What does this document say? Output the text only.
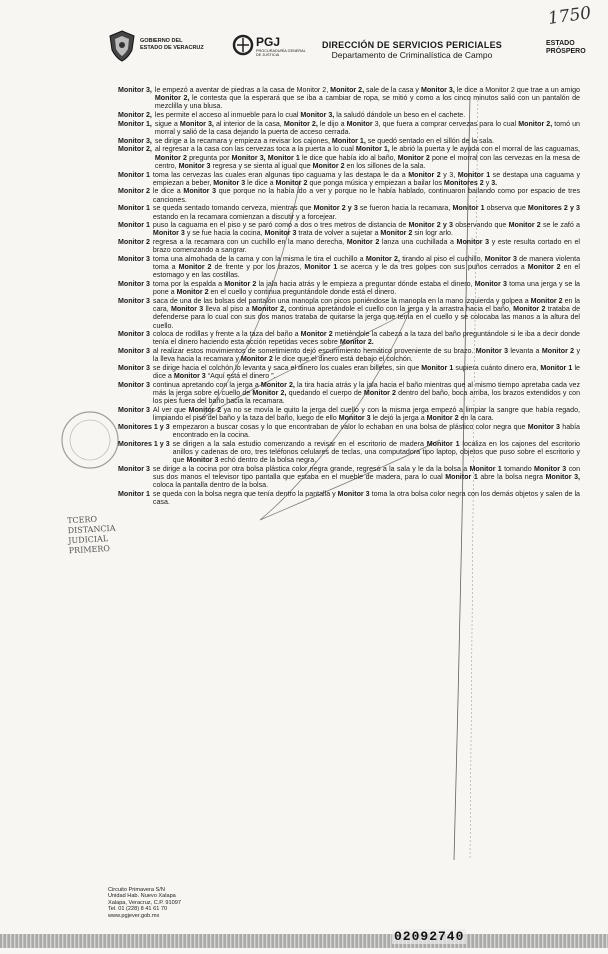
GOBIERNO DEL
ESTADO DE VERACRUZ	PGJ
PROCURADURÍA GENERAL
DE JUSTICIA
DIRECCIÓN DE SERVICIOS PERICIALES
Departamento de Criminalística de Campo
ESTADO
PRÓSPERO
1750
Monitor 3, le empezó a aventar de piedras a la casa de Monitor 2, Monitor 2, sale de la casa y Monitor 3, le dice a Monitor 2 que trae a un amigo Monitor 2, le contesta que la esperará que se iba a cambiar de ropa, se mitió y como a los cinco minutos salió con un pantalón de mezclilla y una blusa.
Monitor 2, les permite el acceso al inmueble para lo cual Monitor 3, la saludó dándole un beso en el cachete.
Monitor 1, sigue a Monitor 3, al interior de la casa, Monitor 2, le dijo a Monitor 3, que fuera a comprar cervezas para lo cual Monitor 2, tomó un morral y salió de la casa dejando la puerta de acceso cerrada.
Monitor 3, se dirige a la recamara y empieza a revisar los cajones, Monitor 1, se quedó sentado en el sillón de la sala.
Monitor 2, al regresar a la casa con las cervezas toca a la puerta a lo cual Monitor 1, le abrió la puerta y le ayuda con el morral de las caguamas, Monitor 2 pregunta por Monitor 3, Monitor 1 le dice que había ido al baño, Monitor 2 pone el morral con las cervezas en la mesa de centro, Monitor 3 regresa y se sienta al igual que Monitor 2 en los sillones de la sala.
Monitor 1 toma las cervezas las cuales eran algunas tipo caguama y las destapa le da a Monitor 2 y 3, Monitor 1 se destapa una caguama y empiezan a beber, Monitor 3 le dice a Monitor 2 que ponga música y empiezan a bailar los Monitores 2 y 3.
Monitor 2 le dice a Monitor 3 que porque no la había ido a ver y porque no le había hablado, continuaron bailando como por espacio de tres canciones.
Monitor 1 se queda sentado tomando cerveza, mientras que Monitor 2 y 3 se fueron hacia la recamara, Monitor 1 observa que Monitores 2 y 3 estando en la recamara comienzan a discutir y a forcejear.
Monitor 1 puso la caguama en el piso y se paró como a dos o tres metros de distancia de Monitor 2 y 3 observando que Monitor 2 se le zafó a Monitor 3 y se fue hacia la cocina, Monitor 3 trata de volver a sujetar a Monitor 2 sin logr arlo.
Monitor 2 regresa a la recamara con un cuchillo en la mano derecha, Monitor 2 lanza una cuchillada a Monitor 3 y este resulta cortado en el brazo comenzando a sangrar.
Monitor 3 toma una almohada de la cama y con la misma le tira el cuchillo a Monitor 2, tirando al piso el cuchillo, Monitor 3 de manera violenta toma a Monitor 2 de frente y por los brazos, Monitor 1 se acerca y le da tres golpes con sus puños cerrados a Monitor 2 en el estomago y en las costillas.
Monitor 3 toma por la espalda a Monitor 2 la jala hacia atrás y le empieza a preguntar dónde estaba el dinero, Monitor 3 toma una jerga y se la pone a Monitor 2 en el cuello y continua preguntándole donde está el dinero.
Monitor 3 saca de una de las bolsas del pantalón una manopla con picos poniéndose la manopla en la mano izquierda y golpea a Monitor 2 en la cara, Monitor 3 lleva al piso a Monitor 2, continua apretándole el cuello con la jerga y la arrastra hacia el baño, Monitor 2 trataba de defenderse para lo cual con sus dos manos trataba de quitarse la jerga que tenía en el cuello y se colocaba las manos a la altura del cuello.
Monitor 3 coloca de rodillas y frente a la taza del baño a Monitor 2 metiéndole la cabeza a la taza del baño preguntándole si le iba a decir donde tenía el dinero haciendo esta acción repetidas veces sobre Monitor 2.
Monitor 3 al realizar estos movimientos de sometimiento dejó escurrimiento hemático proveniente de su brazo. Monitor 3 levanta a Monitor 2 y la lleva hacia la recamara y Monitor 2 le dice que el dinero está debajo el colchón.
Monitor 3 se dirige hacia el colchón lo levanta y saca el dinero los cuales eran billetes, sin que Monitor 1 supiera cuánto dinero era, Monitor 1 le dice a Monitor 3 “Aquí está el dinero ”.
Monitor 3 continua apretando con la jerga a Monitor 2, la tira hacia atrás y la jala hacia el baño mientras que al mismo tiempo apretaba cada vez más la jerga sobre el cuello de Monitor 2, quedando el cuerpo de Monitor 2 dentro del baño, boca arriba, los brazos extendidos y con los pies fuera del baño hacia la recamara.
Monitor 3 Al ver que Monitor 2 ya no se movía le quito la jerga del cuello y con la misma jerga empezó a limpiar la sangre que había regado, limpiando el piso del baño y la taza del baño, luego de ello Monitor 3 le dejó la jerga a Monitor 2 en la cara.
Monitores 1 y 3 empezaron a buscar cosas y lo que encontraban de valor lo echaban en una bolsa de plástico color negra que Monitor 3 había encontrado en la cocina.
Monitores 1 y 3 se dirigen a la sala estudio comenzando a revisar en el escritorio de madera Monitor 1 localiza en los cajones del escritorio anillos y cadenas de oro, tres teléfonos celulares de teclas, una computadora tipo laptop, objetos que puso sobre el escritorio y que Monitor 3 echó dentro de la bolsa negra.
Monitor 3 se dirige a la cocina por otra bolsa plástica color negra grande, regresó a la sala y le da la bolsa a Monitor 1 tomando Monitor 3 con sus dos manos el televisor tipo pantalla que estaba en el mueble de madera, para lo cual Monitor 1 abre la bolsa negra Monitor 3, coloca la pantalla dentro de la bolsa.
Monitor 1 se queda con la bolsa negra que tenía dentro la pantalla y Monitor 3 toma la otra bolsa color negra con los demás objetos y salen de la casa.
TCERO
DISTANCIA
JUDICIAL
PRIMERO
Circuito Primavera S/N
Unidad Hab. Nuevo Xalapa
Xalapa, Veracruz, C.P. 91097
Tel. 01 (228) 8 41 61 70
www.pgjever.gob.mx
02092740
